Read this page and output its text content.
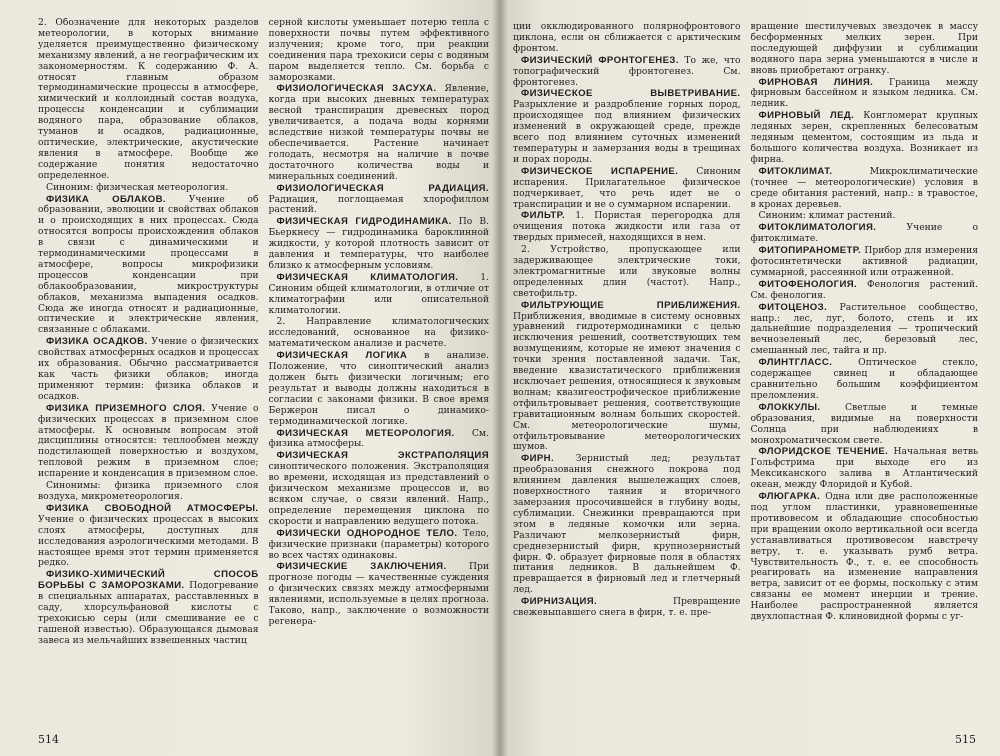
2. Обозначение для некоторых разделов метеорологии, в которых внимание уделяется преимущественно физическому механизму явлений, а не географическим их закономерностям. К содержанию Ф. А. относят главным образом термодинамические процессы в атмосфере, химический и коллоидный состав воздуха, процессы конденсации и сублимации водяного пара, образование облаков, туманов и осадков, радиационные, оптические, электрические, акустические явления в атмосфере. Вообще же содержание понятия недостаточно определенное.

Синоним: физическая метеорология.

ФИЗИКА ОБЛАКОВ. Учение об образовании, эволюции и свойствах облаков и о происходящих в них процессах. Сюда относятся вопросы происхождения облаков в связи с динамическими и термодинамическими процессами в атмосфере, вопросы микрофизики процессов конденсации при облакообразовании, микроструктуры облаков, механизма выпадения осадков. Сюда же иногда относят и радиационные, оптические и электрические явления, связанные с облаками.

ФИЗИКА ОСАДКОВ. Учение о физических свойствах атмосферных осадков и процессах их образования. Обычно рассматривается как часть физики облаков; иногда применяют термин: физика облаков и осадков.

ФИЗИКА ПРИЗЕМНОГО СЛОЯ. Учение о физических процессах в приземном слое атмосферы. К основным вопросам этой дисциплины относятся: теплообмен между подстилающей поверхностью и воздухом, тепловой режим в приземном слое; испарение и конденсация в приземном слое.

Синонимы: физика приземного слоя воздуха, микрометеорология.

ФИЗИКА СВОБОДНОЙ АТМОСФЕРЫ. Учение о физических процессах в высоких слоях атмосферы, доступных для исследования аэрологическими методами. В настоящее время этот термин применяется редко.

ФИЗИКО-ХИМИЧЕСКИЙ СПОСОБ БОРЬБЫ С ЗАМОРОЗКАМИ. Подогревание в специальных аппаратах, расставленных в саду, хлорсульфановой кислоты с трехокисью серы (или смешивание ее с гашеной известью). Образующаяся дымовая завеса из мельчайших взвешенных частиц

серной кислоты уменьшает потерю тепла с поверхности почвы путем эффективного излучения; кроме того, при реакции соединения пара трехокиси серы с водяным паром выделяется тепло. См. борьба с заморозками.

ФИЗИОЛОГИЧЕСКАЯ ЗАСУХА. Явление, когда при высоких дневных температурах весной транспирация древесных пород увеличивается, а подача воды корнями вследствие низкой температуры почвы не обеспечивается. Растение начинает голодать, несмотря на наличие в почве достаточного количества воды и минеральных соединений.

ФИЗИОЛОГИЧЕСКАЯ РАДИАЦИЯ. Радиация, поглощаемая хлорофиллом растений.

ФИЗИЧЕСКАЯ ГИДРОДИНАМИКА. По В. Бьеркнесу — гидродинамика бароклинной жидкости, у которой плотность зависит от давления и температуры, что наиболее близко к атмосферным условиям.

ФИЗИЧЕСКАЯ КЛИМАТОЛОГИЯ. 1. Синоним общей климатологии, в отличие от климатографии или описательной климатологии.

2. Направление климатологических исследований, основанное на физико-математическом анализе и расчете.

ФИЗИЧЕСКАЯ ЛОГИКА в анализе. Положение, что синоптический анализ должен быть физически логичным; его результат и выводы должны находиться в согласии с законами физики. В свое время Бержерон писал о динамико-термодинамической логике.

ФИЗИЧЕСКАЯ МЕТЕОРОЛОГИЯ. См. физика атмосферы.

ФИЗИЧЕСКАЯ ЭКСТРАПОЛЯЦИЯ синоптического положения. Экстраполяция во времени, исходящая из представлений о физическом механизме процессов и, во всяком случае, о связи явлений. Напр., определение перемещения циклона по скорости и направлению ведущего потока.

ФИЗИЧЕСКИ ОДНОРОДНОЕ ТЕЛО. Тело, физические признаки (параметры) которого во всех частях одинаковы.

ФИЗИЧЕСКИЕ ЗАКЛЮЧЕНИЯ. При прогнозе погоды — качественные суждения о физических связях между атмосферными явлениями, используемые в целях прогноза. Таково, напр., заключение о возможности регенера-

514

ции окклюдированного полярнофронтового циклона, если он сближается с арктическим фронтом.

ФИЗИЧЕСКИЙ ФРОНТОГЕНЕЗ. То же, что топографический фронтогенез. См. фронтогенез.

ФИЗИЧЕСКОЕ ВЫВЕТРИВАНИЕ. Разрыхление и раздробление горных пород, происходящее под влиянием физических изменений в окружающей среде, прежде всего под влиянием суточных изменений температуры и замерзания воды в трещинах и порах породы.

ФИЗИЧЕСКОЕ ИСПАРЕНИЕ. Синоним испарения. Прилагательное физическое подчеркивает, что речь идет не о транспирации и не о суммарном испарении.

ФИЛЬТР. 1. Пористая перегородка для очищения потока жидкости или газа от твердых примесей, находящихся в нем.

2. Устройство, пропускающее или задерживающее электрические токи, электромагнитные или звуковые волны определенных длин (частот). Напр., светофильтр.

ФИЛЬТРУЮЩИЕ ПРИБЛИЖЕНИЯ. Приближения, вводимые в систему основных уравнений гидротермодинамики с целью исключения решений, соответствующих тем возмущениям, которые не имеют значения с точки зрения поставленной задачи. Так, введение квазистатического приближения исключает решения, относящиеся к звуковым волнам; квазигеострофическое приближение отфильтровывает решения, соответствующие гравитационным волнам больших скоростей. См. метеорологические шумы, отфильтровывание метеорологических шумов.

ФИРН. Зернистый лед; результат преобразования снежного покрова под влиянием давления вышележащих слоев, поверхностного таяния и вторичного замерзания просочившейся в глубину воды, сублимации. Снежинки превращаются при этом в ледяные комочки или зерна. Различают мелкозернистый фирн, среднезернистый фирн, крупнозернистый фирн. Ф. образует фирновые поля в областях питания ледников. В дальнейшем Ф. превращается в фирновый лед и глетчерный лед.

ФИРНИЗАЦИЯ. Превращение свежевыпавшего снега в фирн, т. е. пре-

вращение шестилучевых звездочек в массу бесформенных мелких зерен. При последующей диффузии и сублимации водяного пара зерна уменьшаются в числе и вновь приобретают огранку.

ФИРНОВАЯ ЛИНИЯ. Граница между фирновым бассейном и языком ледника. См. ледник.

ФИРНОВЫЙ ЛЕД. Конгломерат крупных ледяных зерен, скрепленных белесоватым ледяным цементом, состоящим из льда и большого количества воздуха. Возникает из фирна.

ФИТОКЛИМАТ. Микроклиматические (точнее — метеорологические) условия в среде обитания растений, напр.: в травостое, в кронах деревьев.

Синоним: климат растений.

ФИТОКЛИМАТОЛОГИЯ. Учение о фитоклимате.

ФИТОПИРАНОМЕТР. Прибор для измерения фотосинтетически активной радиации, суммарной, рассеянной или отраженной.

ФИТОФЕНОЛОГИЯ. Фенология растений. См. фенология.

ФИТОЦЕНОЗ. Растительное сообщество, напр.: лес, луг, болото, степь и их дальнейшие подразделения — тропический вечнозеленый лес, березовый лес, смешанный лес, тайга и пр.

ФЛИНТГЛАСС. Оптическое стекло, содержащее свинец и обладающее сравнительно большим коэффициентом преломления.

ФЛОККУЛЫ. Светлые и темные образования, видимые на поверхности Солнца при наблюдениях в монохроматическом свете.

ФЛОРИДСКОЕ ТЕЧЕНИЕ. Начальная ветвь Гольфстрима при выходе его из Мексиканского залива в Атлантический океан, между Флоридой и Кубой.

ФЛЮГАРКА. Одна или две расположенные под углом пластинки, уравновешенные противовесом и обладающие способностью при вращении около вертикальной оси всегда устанавливаться противовесом навстречу ветру, т. е. указывать румб ветра. Чувствительность Ф., т. е. ее способность реагировать на изменение направления ветра, зависит от ее формы, поскольку с этим связаны ее момент инерции и трение. Наиболее распространенной является двухлопастная Ф. клиновидной формы с уг-

515
